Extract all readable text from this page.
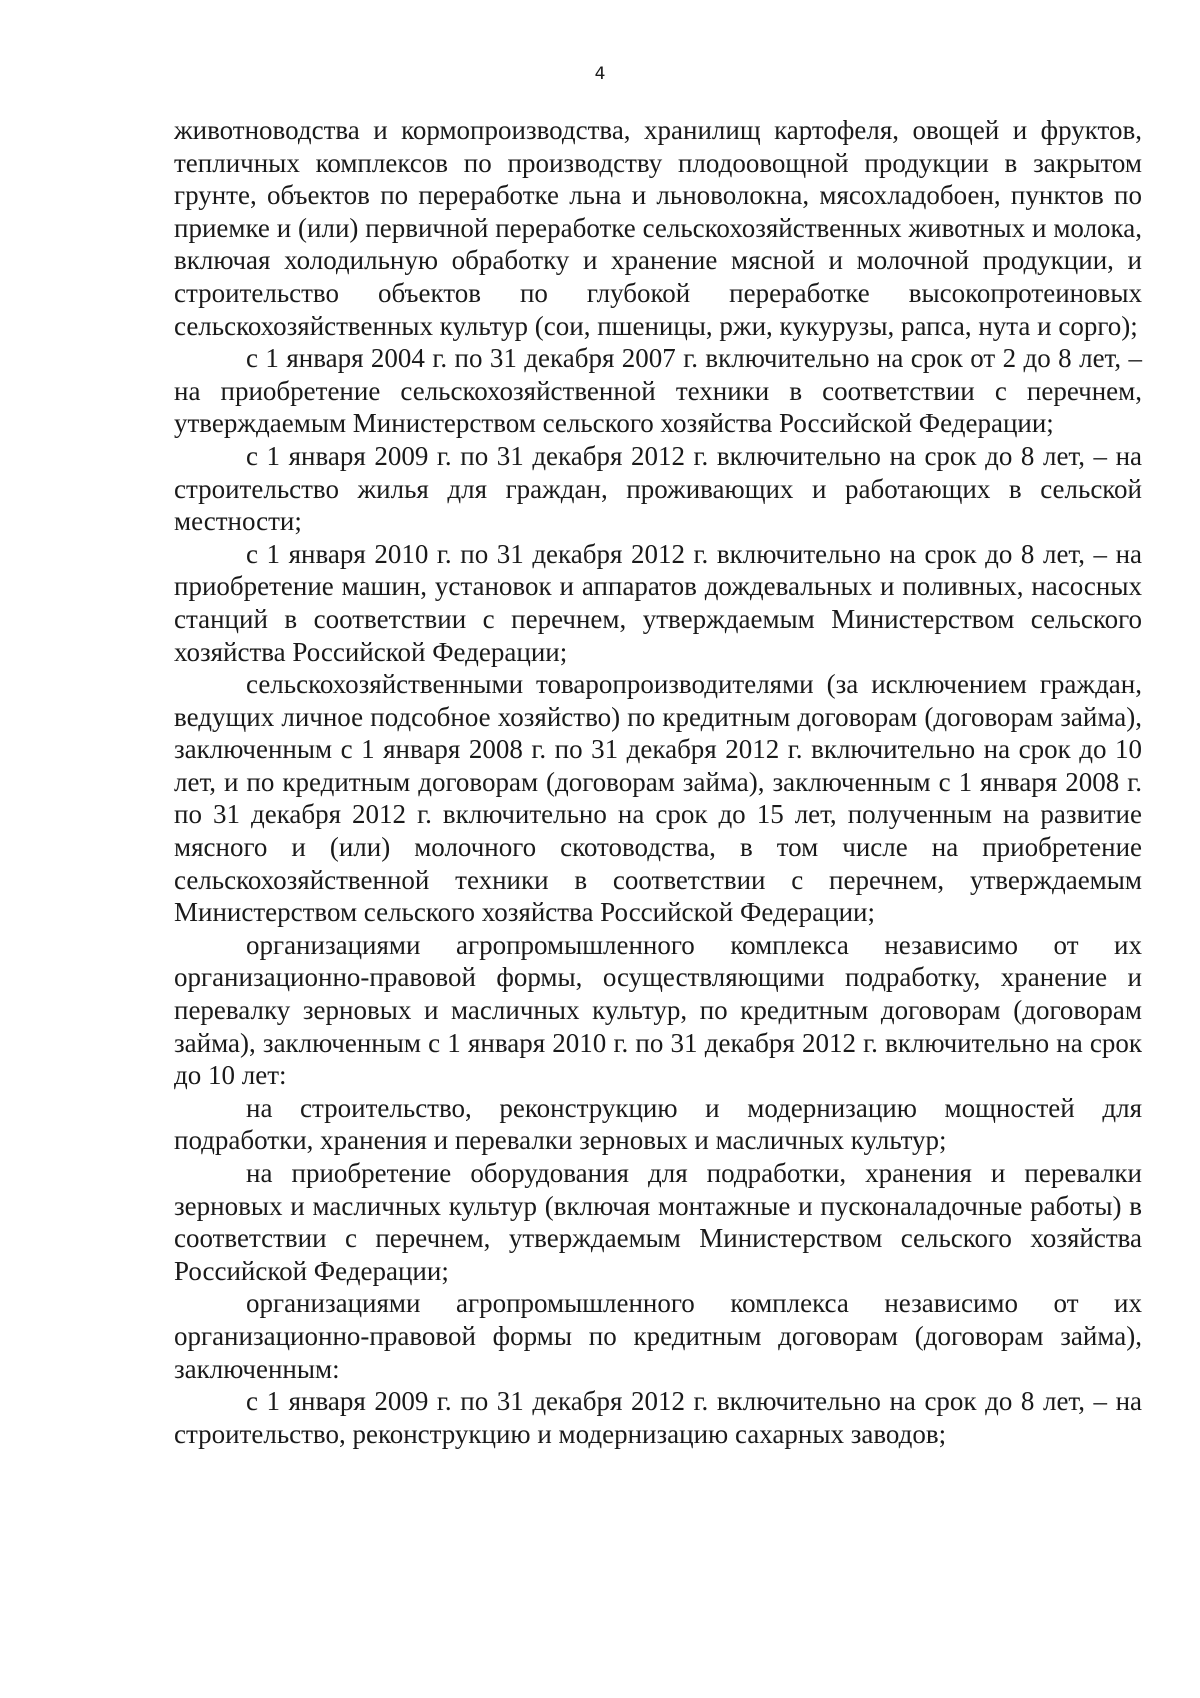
4

животноводства и кормопроизводства, хранилищ картофеля, овощей и фруктов, тепличных комплексов по производству плодоовощной продукции в закрытом грунте, объектов по переработке льна и льноволокна, мясохладобоен, пунктов по приемке и (или) первичной переработке сельскохозяйственных животных и молока, включая холодильную обработку и хранение мясной и молочной продукции, и строительство объектов по глубокой переработке высокопротеиновых сельскохозяйственных культур (сои, пшеницы, ржи, кукурузы, рапса, нута и сорго);

с 1 января 2004 г. по 31 декабря 2007 г. включительно на срок от 2 до 8 лет, – на приобретение сельскохозяйственной техники в соответствии с перечнем, утверждаемым Министерством сельского хозяйства Российской Федерации;

с 1 января 2009 г. по 31 декабря 2012 г. включительно на срок до 8 лет, – на строительство жилья для граждан, проживающих и работающих в сельской местности;

с 1 января 2010 г. по 31 декабря 2012 г. включительно на срок до 8 лет, – на приобретение машин, установок и аппаратов дождевальных и поливных, насосных станций в соответствии с перечнем, утверждаемым Министерством сельского хозяйства Российской Федерации;

сельскохозяйственными товаропроизводителями (за исключением граждан, ведущих личное подсобное хозяйство) по кредитным договорам (договорам займа), заключенным с 1 января 2008 г. по 31 декабря 2012 г. включительно на срок до 10 лет, и по кредитным договорам (договорам займа), заключенным с 1 января 2008 г. по 31 декабря 2012 г. включительно на срок до 15 лет, полученным на развитие мясного и (или) молочного скотоводства, в том числе на приобретение сельскохозяйственной техники в соответствии с перечнем, утверждаемым Министерством сельского хозяйства Российской Федерации;

организациями агропромышленного комплекса независимо от их организационно-правовой формы, осуществляющими подработку, хранение и перевалку зерновых и масличных культур, по кредитным договорам (договорам займа), заключенным с 1 января 2010 г. по 31 декабря 2012 г. включительно на срок до 10 лет:

на строительство, реконструкцию и модернизацию мощностей для подработки, хранения и перевалки зерновых и масличных культур;

на приобретение оборудования для подработки, хранения и перевалки зерновых и масличных культур (включая монтажные и пусконаладочные работы) в соответствии с перечнем, утверждаемым Министерством сельского хозяйства Российской Федерации;

организациями агропромышленного комплекса независимо от их организационно-правовой формы по кредитным договорам (договорам займа), заключенным:

с 1 января 2009 г. по 31 декабря 2012 г. включительно на срок до 8 лет, – на строительство, реконструкцию и модернизацию сахарных заводов;
